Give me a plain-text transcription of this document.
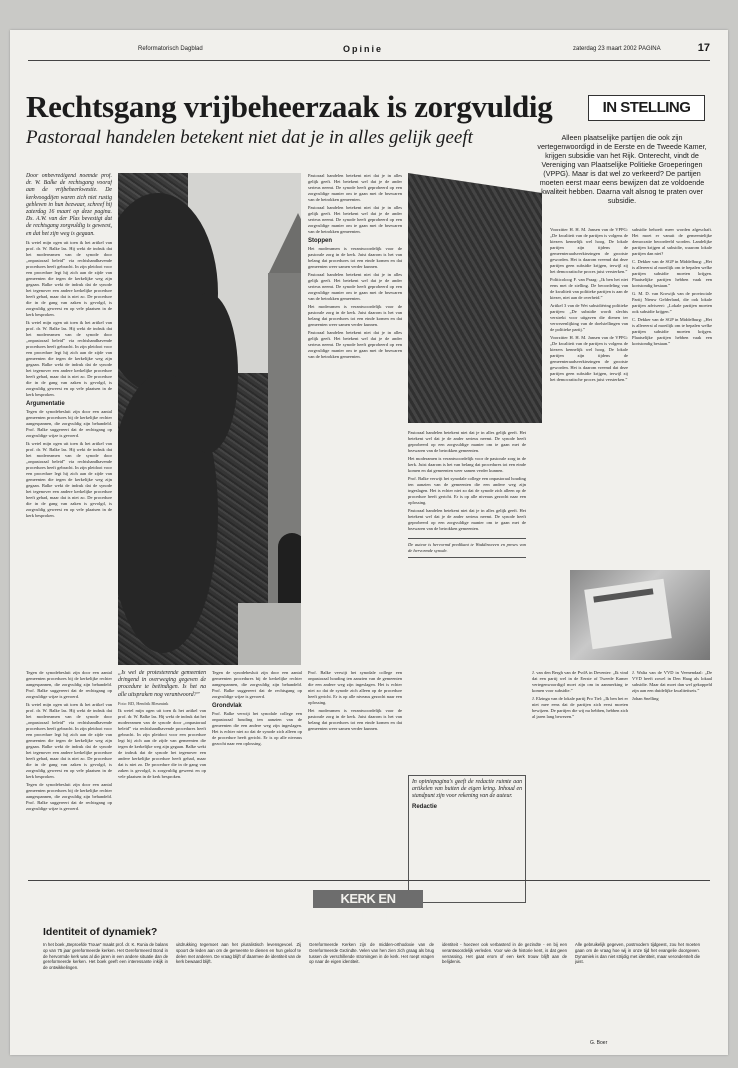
Reformatorisch Dagblad	Opinie	zaterdag 23 maart 2002 PAGINA	17
Rechtsgang vrijbeheerzaak is zorgvuldig
Pastoraal handelen betekent niet dat je in alles gelijk geeft
IN STELLING
Alleen plaatselijke partijen die ook zijn vertegenwoordigd in de Eerste en de Tweede Kamer, krijgen subsidie van het Rijk. Onterecht, vindt de Vereniging van Plaatselijke Politieke Groeperingen (VPPG). Maar is dat wel zo verkeerd? De partijen moeten eerst maar eens bewijzen dat ze voldoende kwaliteit hebben. Daarna valt alsnog te praten over subsidie.

Door onbevredigend noemde prof. dr. W. Balke de rechtsgang vooraf aan de vrijbeheerkwestie. De kerkvoogdijen waren zich niet rustig gebleven in hun bezwaar, schreef hij zaterdag 16 maart op deze pagina. Ds. A.W. van der Plas bevestigt dat de rechtsgang zorgvuldig is geweest, en dat het zijn weg is gegaan.

Ik wetel mijn ogen uit toen ik het artikel van prof. dr. W. Balke las. Hij wekt de indruk dat het modereamen van de synode door „onpastoraal beleid” via rechtshandhavende procedures heeft gebracht. In zijn pleidooi voor een procedure legt hij zich aan de zijde van gemeenten die tegen de kerkelijke weg zijn gegaan. Balke wekt de indruk dat de synode het tegenover een andere kerkelijke procedure heeft gehad, maar dat is niet zo. De procedure die in de gang van zaken is gevolgd, is zorgvuldig geweest en op vele plaatsen in de kerk besproken.

Ik wetel mijn ogen uit toen ik het artikel van prof. dr. W. Balke las. Hij wekt de indruk dat het modereamen van de synode door „onpastoraal beleid” via rechtshandhavende procedures heeft gebracht. In zijn pleidooi voor een procedure legt hij zich aan de zijde van gemeenten die tegen de kerkelijke weg zijn gegaan. Balke wekt de indruk dat de synode het tegenover een andere kerkelijke procedure heeft gehad, maar dat is niet zo. De procedure die in de gang van zaken is gevolgd, is zorgvuldig geweest en op vele plaatsen in de kerk besproken.

Argumentatie

Tegen de synodebesluit zijn door een aantal gemeenten procedures bij de kerkelijke rechter aangespannen, die zorgvuldig zijn behandeld. Prof. Balke suggereert dat de rechtsgang op zorgvuldige wijze is gevoerd.

Ik wetel mijn ogen uit toen ik het artikel van prof. dr. W. Balke las. Hij wekt de indruk dat het modereamen van de synode door „onpastoraal beleid” via rechtshandhavende procedures heeft gebracht. In zijn pleidooi voor een procedure legt hij zich aan de zijde van gemeenten die tegen de kerkelijke weg zijn gegaan. Balke wekt de indruk dat de synode het tegenover een andere kerkelijke procedure heeft gehad, maar dat is niet zo. De procedure die in de gang van zaken is gevolgd, is zorgvuldig geweest en op vele plaatsen in de kerk besproken.

Pastoraal handelen betekent niet dat je in alles gelijk geeft. Het betekent wel dat je de ander serieus neemt. De synode heeft geprobeerd op een zorgvuldige manier om te gaan met de bezwaren van de betrokken gemeenten.

Pastoraal handelen betekent niet dat je in alles gelijk geeft. Het betekent wel dat je de ander serieus neemt. De synode heeft geprobeerd op een zorgvuldige manier om te gaan met de bezwaren van de betrokken gemeenten.

Stoppen

Het moderamen is verantwoordelijk voor de pastorale zorg in de kerk. Juist daarom is het van belang dat procedures tot een einde komen en dat gemeenten weer samen verder kunnen.

Pastoraal handelen betekent niet dat je in alles gelijk geeft. Het betekent wel dat je de ander serieus neemt. De synode heeft geprobeerd op een zorgvuldige manier om te gaan met de bezwaren van de betrokken gemeenten.

Het moderamen is verantwoordelijk voor de pastorale zorg in de kerk. Juist daarom is het van belang dat procedures tot een einde komen en dat gemeenten weer samen verder kunnen.

Pastoraal handelen betekent niet dat je in alles gelijk geeft. Het betekent wel dat je de ander serieus neemt. De synode heeft geprobeerd op een zorgvuldige manier om te gaan met de bezwaren van de betrokken gemeenten.

Tegen de synodebesluit zijn door een aantal gemeenten procedures bij de kerkelijke rechter aangespannen, die zorgvuldig zijn behandeld. Prof. Balke suggereert dat de rechtsgang op zorgvuldige wijze is gevoerd.

Ik wetel mijn ogen uit toen ik het artikel van prof. dr. W. Balke las. Hij wekt de indruk dat het modereamen van de synode door „onpastoraal beleid” via rechtshandhavende procedures heeft gebracht. In zijn pleidooi voor een procedure legt hij zich aan de zijde van gemeenten die tegen de kerkelijke weg zijn gegaan. Balke wekt de indruk dat de synode het tegenover een andere kerkelijke procedure heeft gehad, maar dat is niet zo. De procedure die in de gang van zaken is gevolgd, is zorgvuldig geweest en op vele plaatsen in de kerk besproken.

Tegen de synodebesluit zijn door een aantal gemeenten procedures bij de kerkelijke rechter aangespannen, die zorgvuldig zijn behandeld. Prof. Balke suggereert dat de rechtsgang op zorgvuldige wijze is gevoerd.

„Is wel de protesterende gemeenten dringend in overweging gegeven de procedure te beëindigen. Is het na alle uitspraken nog verantwoord?”

Foto: RD, Hendrik Bleumink

Ik wetel mijn ogen uit toen ik het artikel van prof. dr. W. Balke las. Hij wekt de indruk dat het modereamen van de synode door „onpastoraal beleid” via rechtshandhavende procedures heeft gebracht. In zijn pleidooi voor een procedure legt hij zich aan de zijde van gemeenten die tegen de kerkelijke weg zijn gegaan. Balke wekt de indruk dat de synode het tegenover een andere kerkelijke procedure heeft gehad, maar dat is niet zo. De procedure die in de gang van zaken is gevolgd, is zorgvuldig geweest en op vele plaatsen in de kerk besproken.

Tegen de synodebesluit zijn door een aantal gemeenten procedures bij de kerkelijke rechter aangespannen, die zorgvuldig zijn behandeld. Prof. Balke suggereert dat de rechtsgang op zorgvuldige wijze is gevoerd.

Grondvlak

Prof. Balke verwijt het synodale college een onpastoraal houding ten aanzien van de gemeenten die een andere weg zijn ingeslagen. Het is echter niet zo dat de synode zich alleen op de procedure heeft gericht. Er is op alle niveaus gezocht naar een oplossing.

Prof. Balke verwijt het synodale college een onpastoraal houding ten aanzien van de gemeenten die een andere weg zijn ingeslagen. Het is echter niet zo dat de synode zich alleen op de procedure heeft gericht. Er is op alle niveaus gezocht naar een oplossing.

Het moderamen is verantwoordelijk voor de pastorale zorg in de kerk. Juist daarom is het van belang dat procedures tot een einde komen en dat gemeenten weer samen verder kunnen.

Pastoraal handelen betekent niet dat je in alles gelijk geeft. Het betekent wel dat je de ander serieus neemt. De synode heeft geprobeerd op een zorgvuldige manier om te gaan met de bezwaren van de betrokken gemeenten.

Het moderamen is verantwoordelijk voor de pastorale zorg in de kerk. Juist daarom is het van belang dat procedures tot een einde komen en dat gemeenten weer samen verder kunnen.

Prof. Balke verwijt het synodale college een onpastoraal houding ten aanzien van de gemeenten die een andere weg zijn ingeslagen. Het is echter niet zo dat de synode zich alleen op de procedure heeft gericht. Er is op alle niveaus gezocht naar een oplossing.

Pastoraal handelen betekent niet dat je in alles gelijk geeft. Het betekent wel dat je de ander serieus neemt. De synode heeft geprobeerd op een zorgvuldige manier om te gaan met de bezwaren van de betrokken gemeenten.

De auteur is hervormd predikant te Waddinxveen en preses van de hervormde synode.

In opiniepagina's geeft de redactie ruimte aan artikelen van buiten de eigen kring. Inhoud en standpunt zijn voor rekening van de auteur.

Redactie

Voorzitter H. H. M. Jansen van de VPPG: „De kwaliteit van de partijen is volgens de kiezers kennelijk wel hoog. De lokale partijen zijn tijdens de gemeenteraadsverkiezingen de grootste geworden. Het is daarom vreemd dat deze partijen geen subsidie krijgen, terwijl zij het democratische proces juist versterken.”

Politicoloog F. van Praag: „Ik ben het niet eens met de stelling. De beoordeling van de kwaliteit van politieke partijen is aan de kiezer, niet aan de overheid.”

Artikel 3 van de Wet subsidiëring politieke partijen: „De subsidie wordt slechts verstrekt voor uitgaven die dienen ter verwezenlijking van de doelstellingen van de politieke partij.”

Voorzitter H. H. M. Jansen van de VPPG: „De kwaliteit van de partijen is volgens de kiezers kennelijk wel hoog. De lokale partijen zijn tijdens de gemeenteraadsverkiezingen de grootste geworden. Het is daarom vreemd dat deze partijen geen subsidie krijgen, terwijl zij het democratische proces juist versterken.”

subsidie behoeft meer worden afgeschaft. Het moet er vanuit de gemeentelijke democratie beoordeeld worden. Landelijke partijen krijgen al subsidie, waarom lokale partijen dan niet?

C. Dekker van de SGP in Middelburg: „Het is allereerst al moeilijk om te bepalen welke partijen subsidie moeten krijgen. Plaatselijke partijen hebben vaak een kortstondig bestaan.”

G. M. D. van Krowijk van de provinciale Partij Nieuw Gelderland, die ook lokale partijen adviseert: „Lokale partijen moeten ook subsidie krijgen.”

C. Dekker van de SGP in Middelburg: „Het is allereerst al moeilijk om te bepalen welke partijen subsidie moeten krijgen. Plaatselijke partijen hebben vaak een kortstondig bestaan.”

J. van den Bergh van de PvdA in Deventer: „Ik vind dat een partij wel in de Eerste of Tweede Kamer vertegenwoordigd moet zijn om in aanmerking te komen voor subsidie.”

J. Elzinga van de lokale partij Pro Tiel: „Ik ben het er niet mee eens dat de partijen zich eerst moeten bewijzen. De partijen die wij nu hebben, hebben zich al jaren lang bewezen.”

J. Walta van de VVD in Veenendaal: „De VVD heeft zowel in Den Haag als lokaal subsidie. Maar dat moet dan wel gekoppeld zijn aan een duidelijke kwaliteitseis.”

Johan Snelling

KERK EN WERELD
Identiteit of dynamiek?
In het boek „Beproefde Trouw” maakt prof. dr. K. Runia de balans op van 75 jaar gereformeerde kerken. Het Gereformeerd Bond in de hervormde kerk was al die jaren in een andere situatie dan de gereformeerde kerken. Het boek geeft een interessante inkijk in de ontwikkelingen.
uitdrukking tegemoet aan het pluralistisch levensgevoel. Zij spoort de leden aan om de gemeente te dienen en hun geloof te delen met anderen. De vraag blijft of daarmee de identiteit van de kerk bewaard blijft.
Gereformeerde Kerken zijn de midden-orthodoxie van de Gereformeerde Gezindte. Velen van hen zien zich graag als brug tussen de verschillende stromingen in de kerk. Het roept vragen op naar de eigen identiteit.
identiteit - hoezeer ook verbasterd in de gezindte - en bij een verantwoordelijk verleden. Voor wie de historie kent, is dat geen verrassing. Het gaat erom of een kerk trouw blijft aan de belijdenis.
Alle gebruikelijk gegeven, postmodern tijdgeest, zou het moeten gaan om de vraag hoe wij in onze tijd het evangelie doorgeven. Dynamiek is dan niet strijdig met identiteit, maar veronderstelt die juist.
G. Boer
